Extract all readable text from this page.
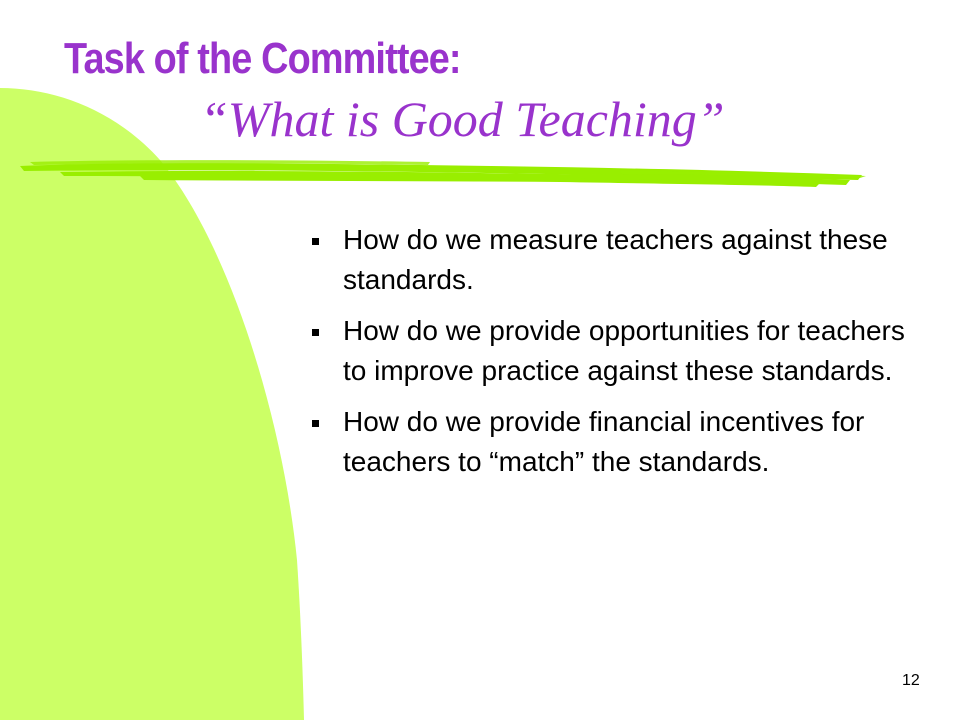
Task of the Committee:
“What is Good Teaching”
How do we measure teachers against these standards.
How do we provide opportunities for teachers to improve practice against these standards.
How do we provide financial incentives for teachers to “match” the standards.
12
